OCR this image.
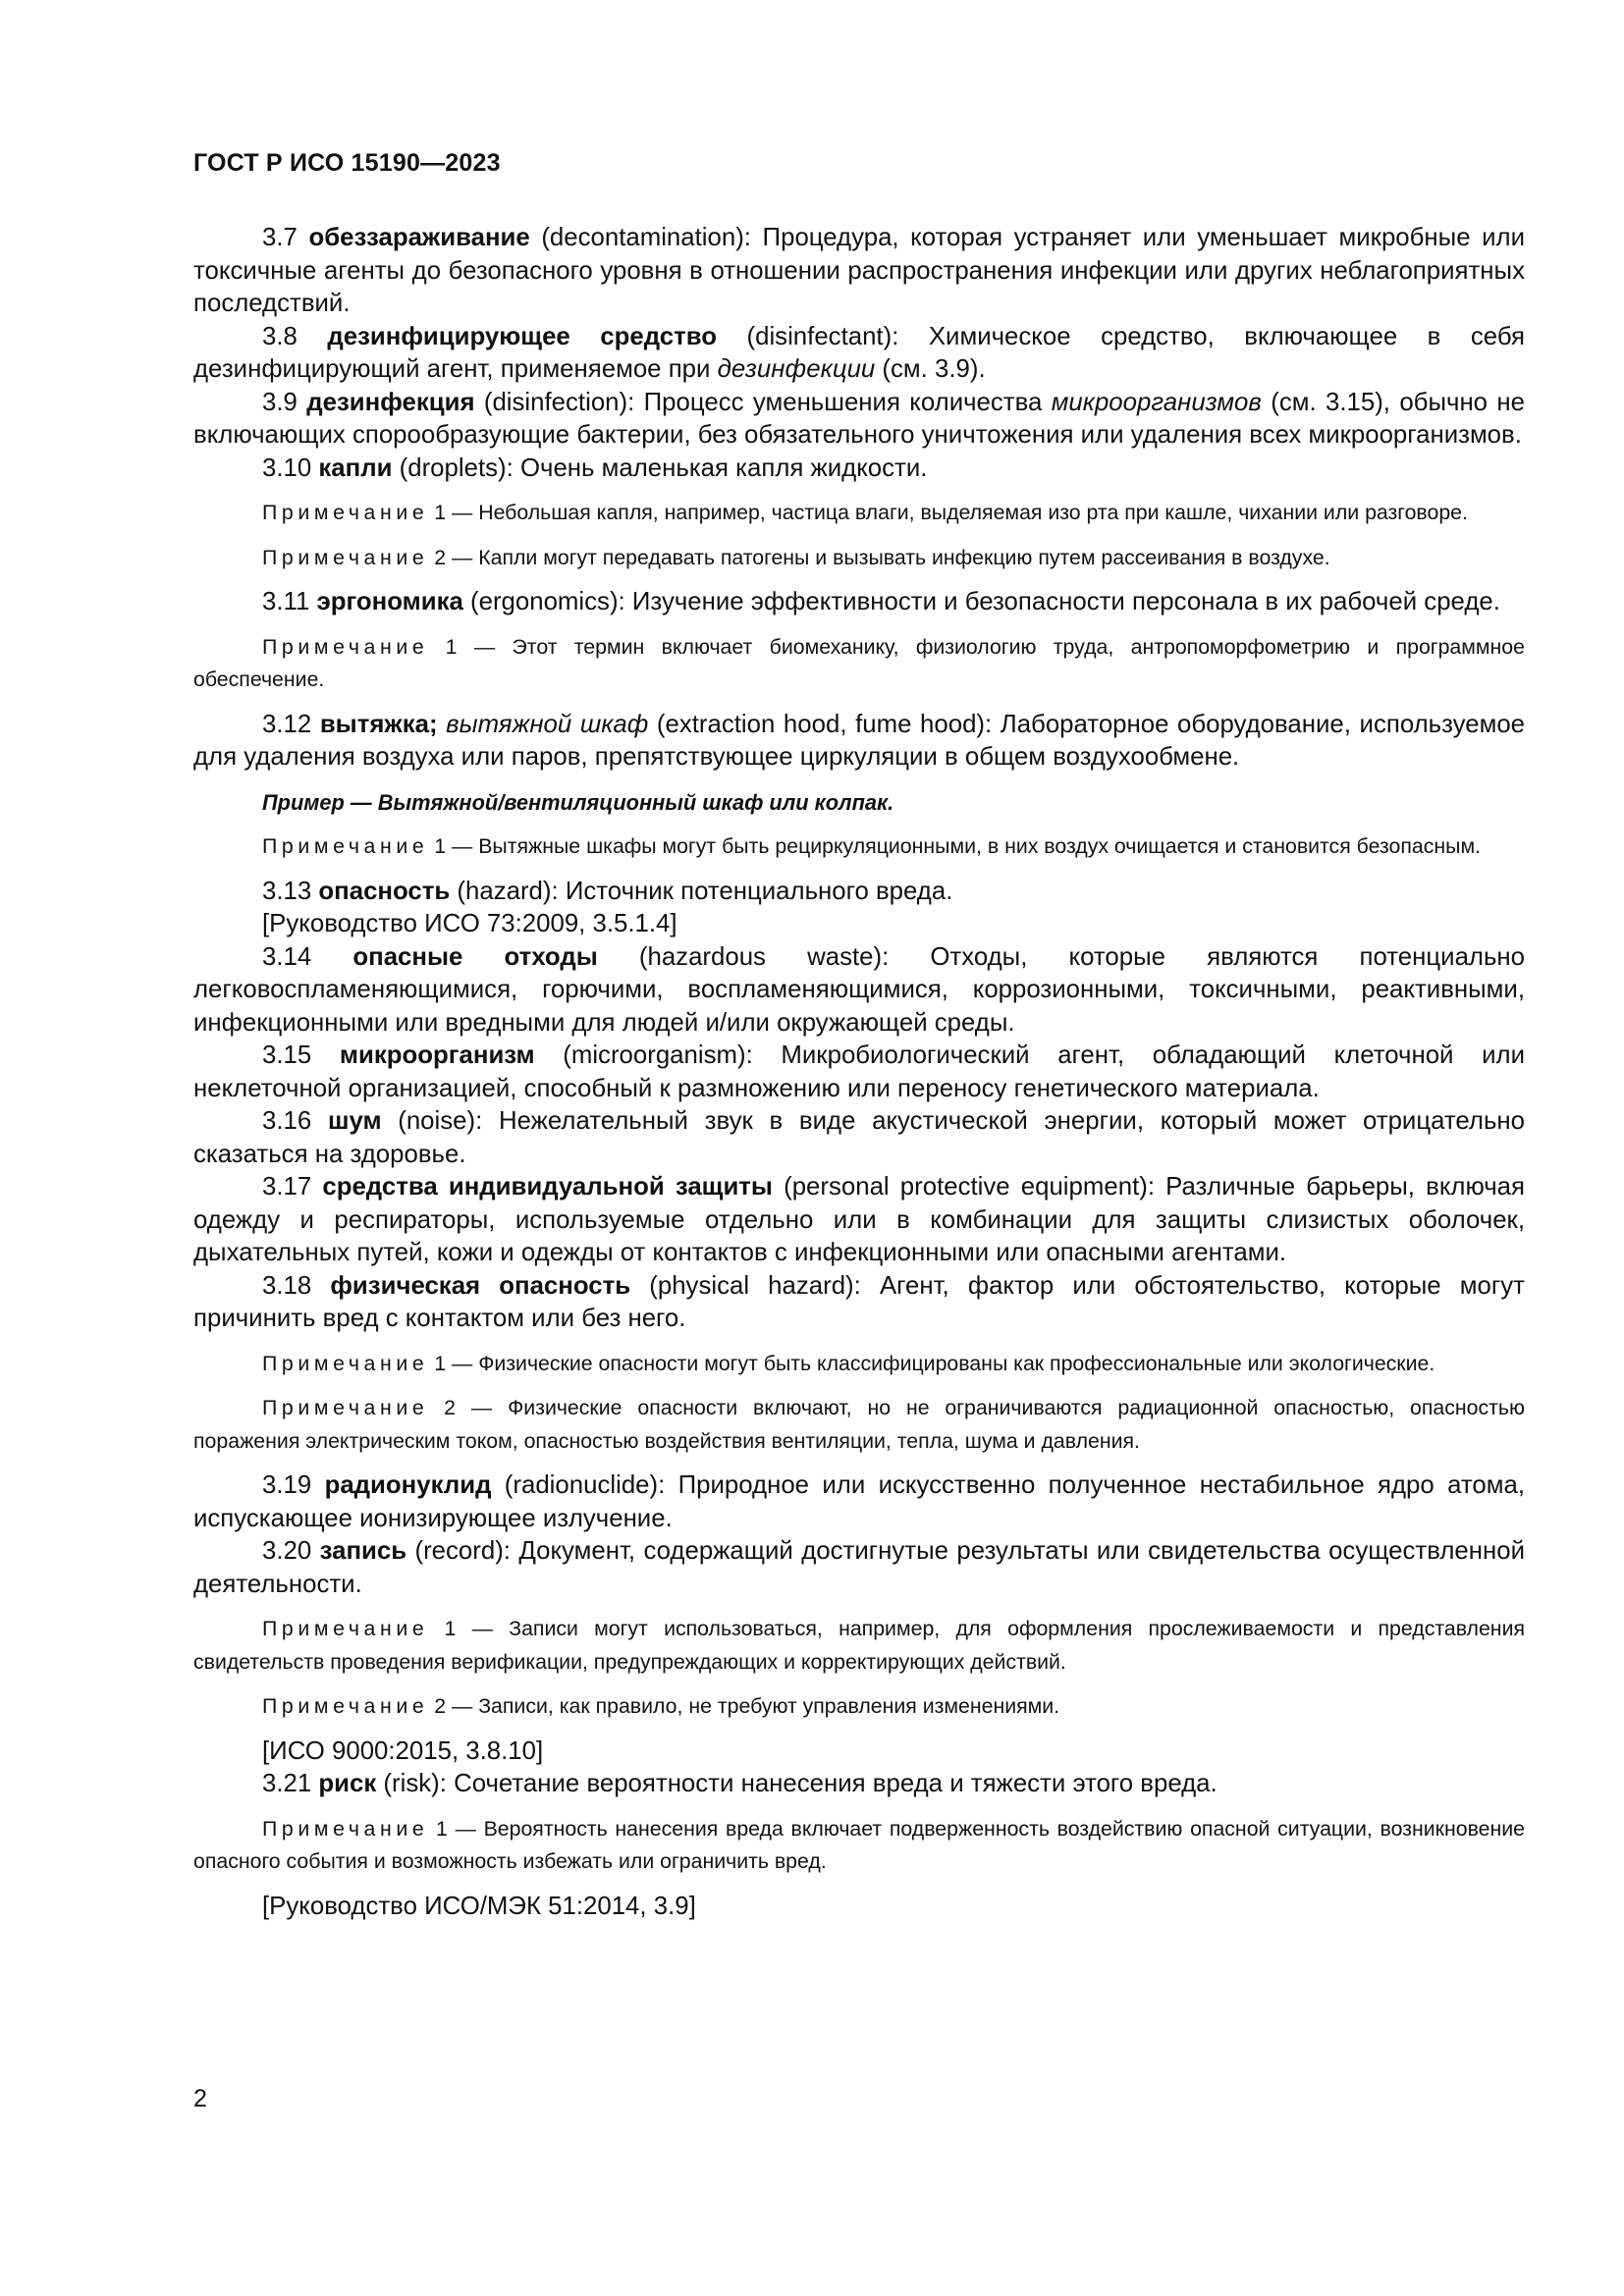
ГОСТ Р ИСО 15190—2023

3.7 обеззараживание (decontamination): Процедура, которая устраняет или уменьшает микробные или токсичные агенты до безопасного уровня в отношении распространения инфекции или других неблагоприятных последствий.

3.8 дезинфицирующее средство (disinfectant): Химическое средство, включающее в себя дезинфицирующий агент, применяемое при дезинфекции (см. 3.9).

3.9 дезинфекция (disinfection): Процесс уменьшения количества микроорганизмов (см. 3.15), обычно не включающих спорообразующие бактерии, без обязательного уничтожения или удаления всех микроорганизмов.

3.10 капли (droplets): Очень маленькая капля жидкости.

Примечание 1 — Небольшая капля, например, частица влаги, выделяемая изо рта при кашле, чихании или разговоре.

Примечание 2 — Капли могут передавать патогены и вызывать инфекцию путем рассеивания в воздухе.

3.11 эргономика (ergonomics): Изучение эффективности и безопасности персонала в их рабочей среде.

Примечание 1 — Этот термин включает биомеханику, физиологию труда, антропоморфометрию и программное обеспечение.

3.12 вытяжка; вытяжной шкаф (extraction hood, fume hood): Лабораторное оборудование, используемое для удаления воздуха или паров, препятствующее циркуляции в общем воздухообмене.

Пример — Вытяжной/вентиляционный шкаф или колпак.

Примечание 1 — Вытяжные шкафы могут быть рециркуляционными, в них воздух очищается и становится безопасным.

3.13 опасность (hazard): Источник потенциального вреда.

[Руководство ИСО 73:2009, 3.5.1.4]

3.14 опасные отходы (hazardous waste): Отходы, которые являются потенциально легковоспламеняющимися, горючими, воспламеняющимися, коррозионными, токсичными, реактивными, инфекционными или вредными для людей и/или окружающей среды.

3.15 микроорганизм (microorganism): Микробиологический агент, обладающий клеточной или неклеточной организацией, способный к размножению или переносу генетического материала.

3.16 шум (noise): Нежелательный звук в виде акустической энергии, который может отрицательно сказаться на здоровье.

3.17 средства индивидуальной защиты (personal protective equipment): Различные барьеры, включая одежду и респираторы, используемые отдельно или в комбинации для защиты слизистых оболочек, дыхательных путей, кожи и одежды от контактов с инфекционными или опасными агентами.

3.18 физическая опасность (physical hazard): Агент, фактор или обстоятельство, которые могут причинить вред с контактом или без него.

Примечание 1 — Физические опасности могут быть классифицированы как профессиональные или экологические.

Примечание 2 — Физические опасности включают, но не ограничиваются радиационной опасностью, опасностью поражения электрическим током, опасностью воздействия вентиляции, тепла, шума и давления.

3.19 радионуклид (radionuclide): Природное или искусственно полученное нестабильное ядро атома, испускающее ионизирующее излучение.

3.20 запись (record): Документ, содержащий достигнутые результаты или свидетельства осуществленной деятельности.

Примечание 1 — Записи могут использоваться, например, для оформления прослеживаемости и представления свидетельств проведения верификации, предупреждающих и корректирующих действий.

Примечание 2 — Записи, как правило, не требуют управления изменениями.

[ИСО 9000:2015, 3.8.10]

3.21 риск (risk): Сочетание вероятности нанесения вреда и тяжести этого вреда.

Примечание 1 — Вероятность нанесения вреда включает подверженность воздействию опасной ситуации, возникновение опасного события и возможность избежать или ограничить вред.

[Руководство ИСО/МЭК 51:2014, 3.9]

2
